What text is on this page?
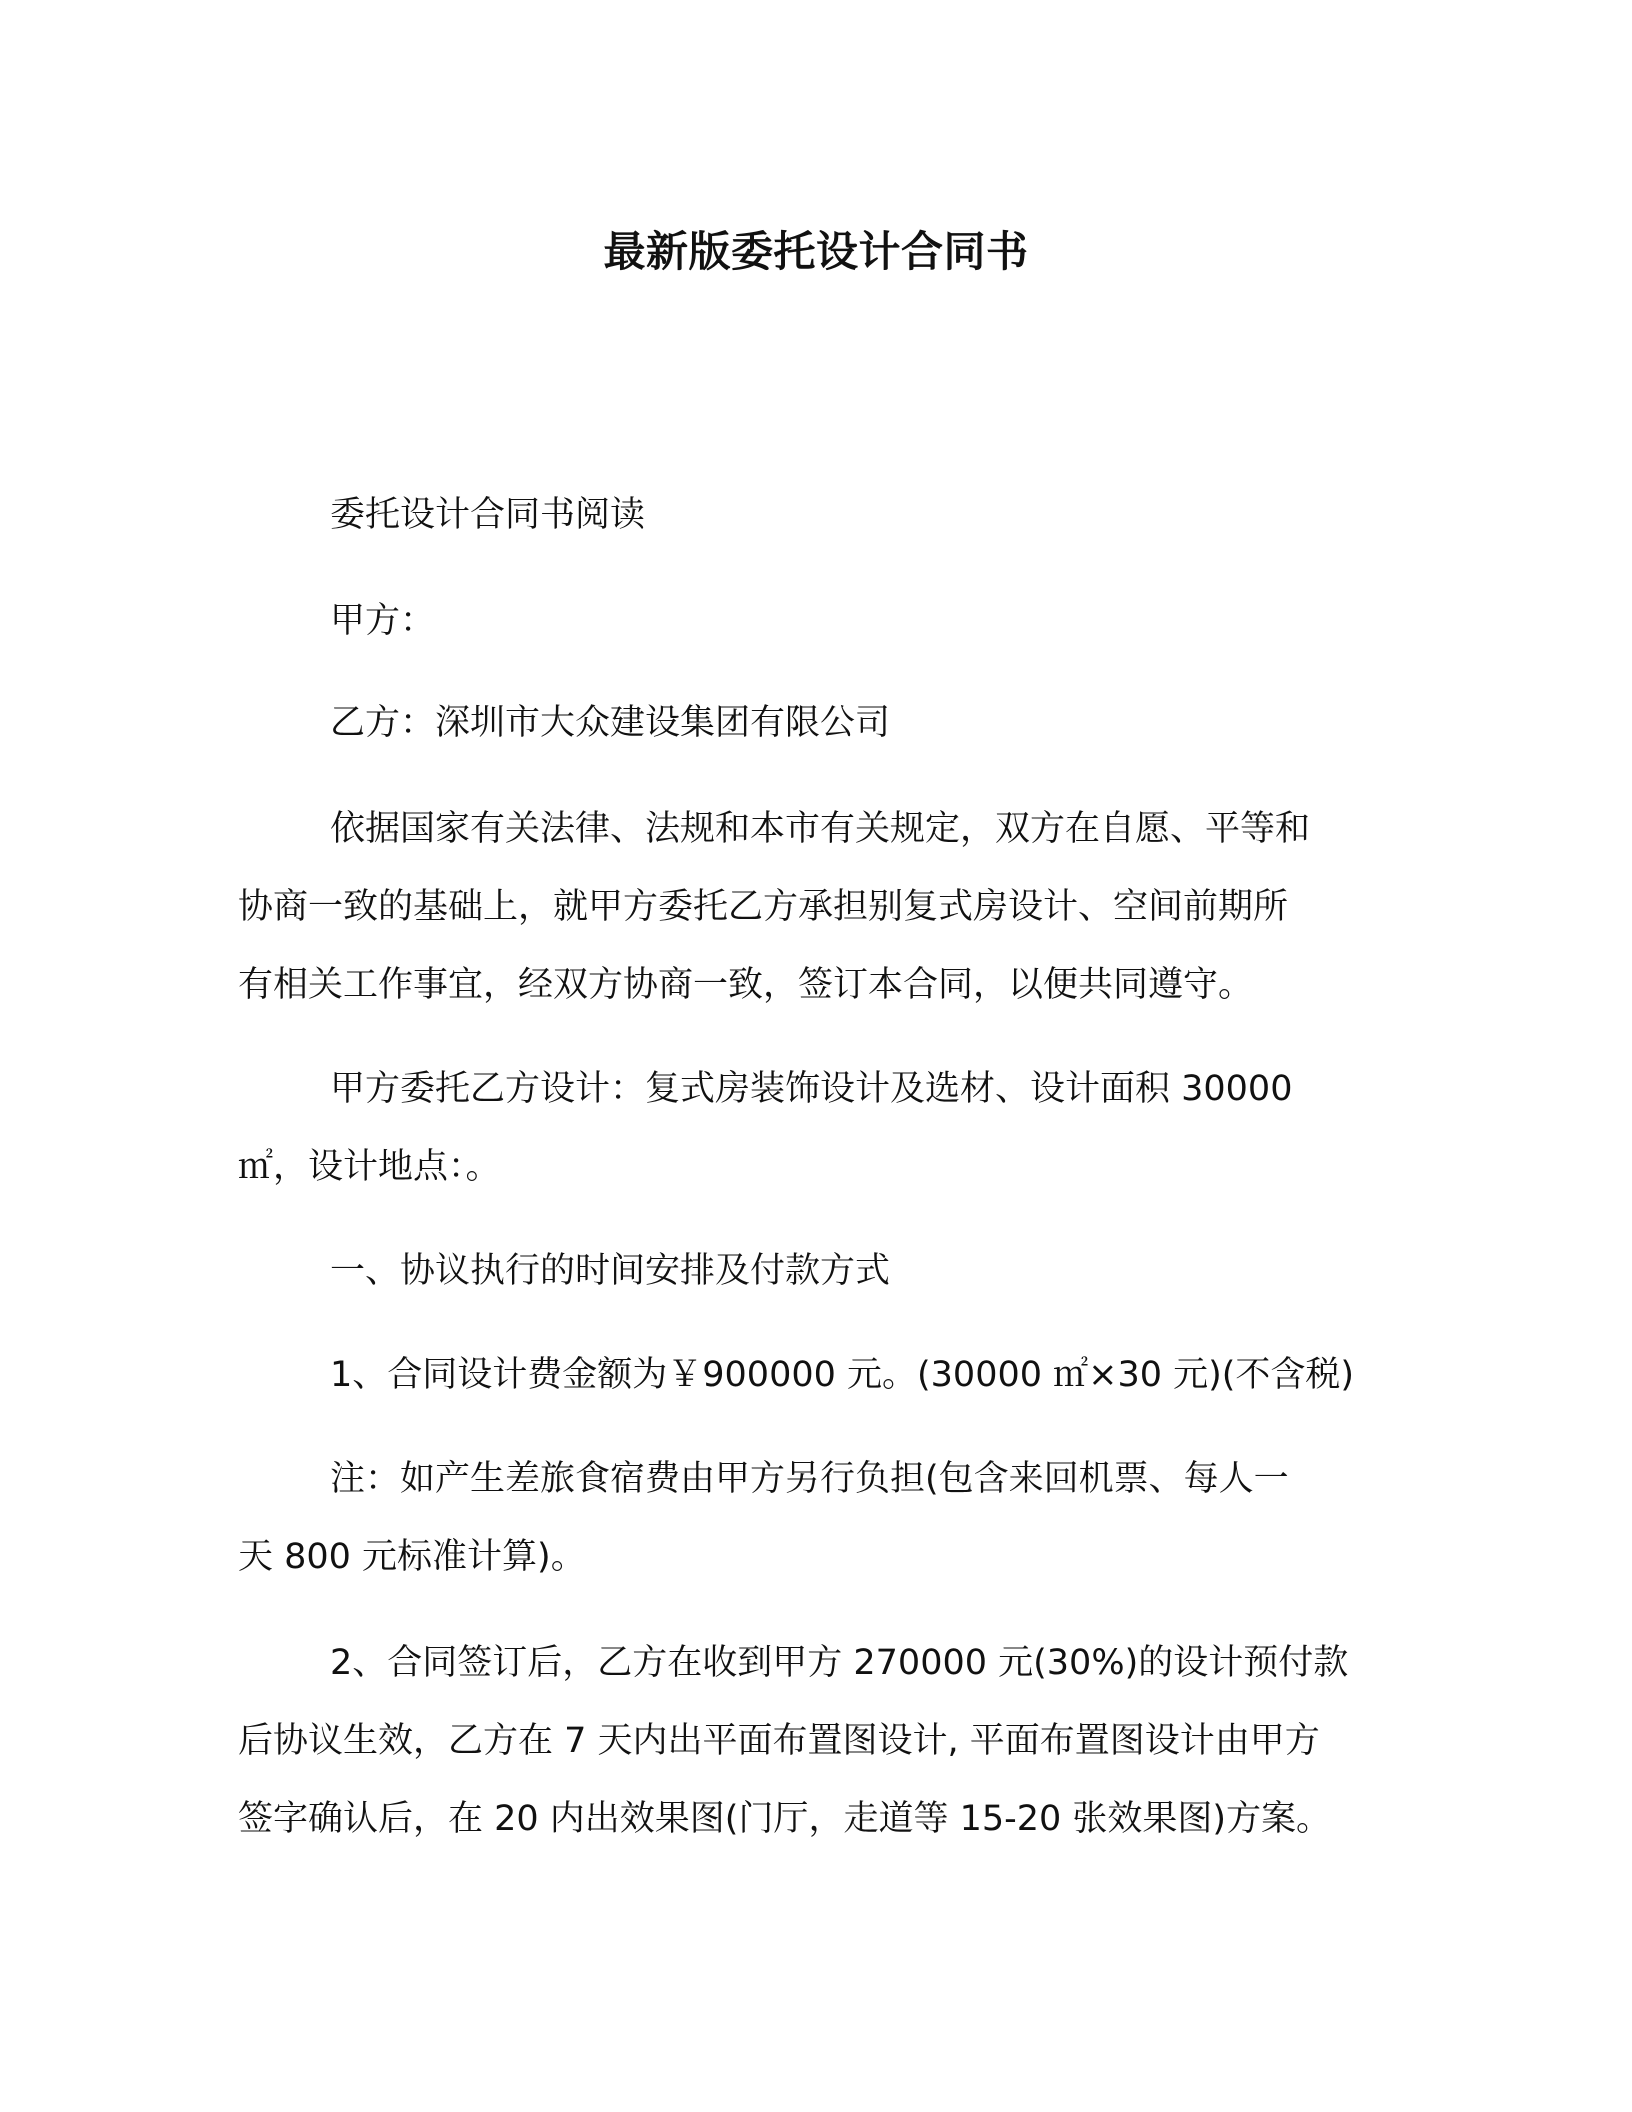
最新版委托设计合同书
委托设计合同书阅读
甲方：
乙方：深圳市大众建设集团有限公司
依据国家有关法律、法规和本市有关规定，双方在自愿、平等和
协商一致的基础上，就甲方委托乙方承担别复式房设计、空间前期所
有相关工作事宜，经双方协商一致，签订本合同，以便共同遵守。
甲方委托乙方设计：复式房装饰设计及选材、设计面积 30000
㎡，设计地点：。
一、协议执行的时间安排及付款方式
1、合同设计费金额为￥900000 元。(30000 ㎡×30 元)(不含税)
注：如产生差旅食宿费由甲方另行负担(包含来回机票、每人一
天 800 元标准计算)。
2、合同签订后，乙方在收到甲方 270000 元(30%)的设计预付款
后协议生效，乙方在 7 天内出平面布置图设计, 平面布置图设计由甲方
签字确认后，在 20 内出效果图(门厅，走道等 15-20 张效果图)方案。
